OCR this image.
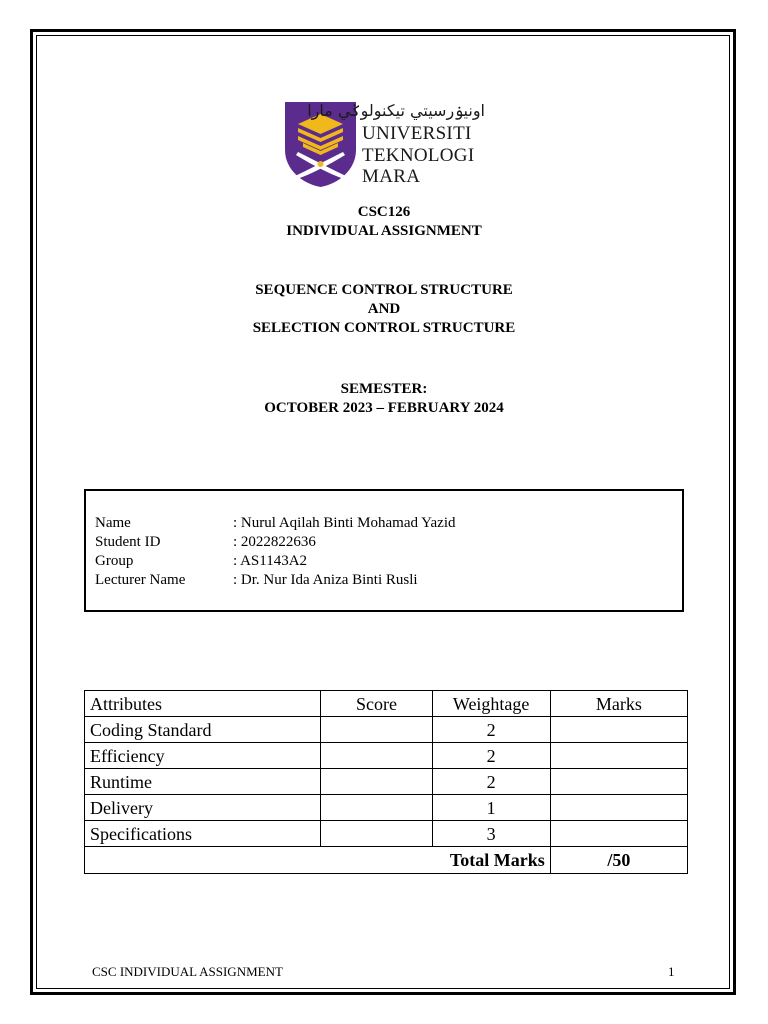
اونيۏرسيتي تيكنولوݢي مارا
UNIVERSITI
TEKNOLOGI
MARA
CSC126
INDIVIDUAL ASSIGNMENT
SEQUENCE CONTROL STRUCTURE
AND
SELECTION CONTROL STRUCTURE
SEMESTER:
OCTOBER 2023 – FEBRUARY 2024
Name	: Nurul Aqilah Binti Mohamad Yazid
Student ID	: 2022822636
Group	: AS1143A2
Lecturer Name	: Dr. Nur Ida Aniza Binti Rusli
Attributes	Score	Weightage	Marks
Coding Standard		2	
Efficiency		2	
Runtime		2	
Delivery		1	
Specifications		3	
Total Marks			/50
CSC INDIVIDUAL ASSIGNMENT	1
